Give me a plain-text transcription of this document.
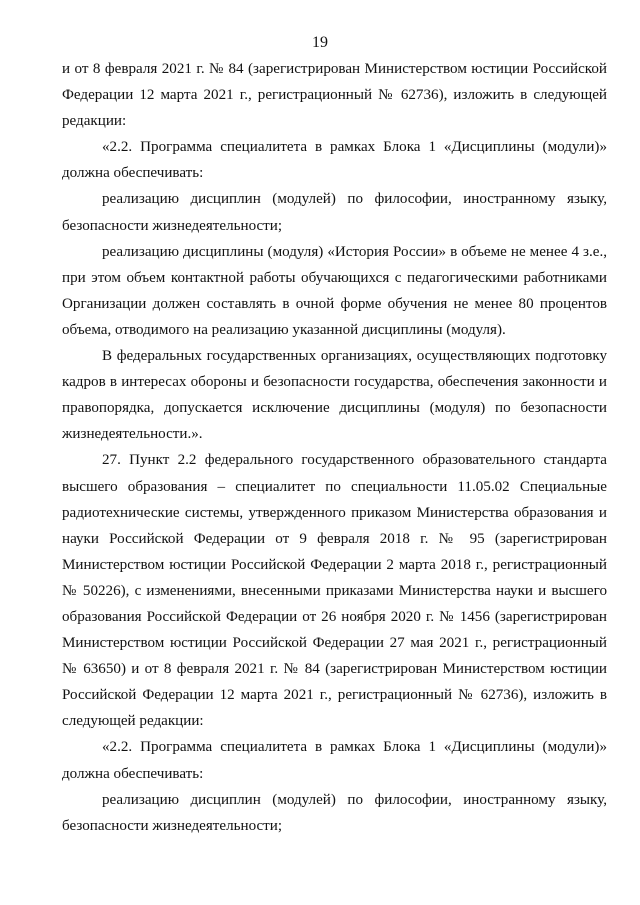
19

и от 8 февраля 2021 г. № 84 (зарегистрирован Министерством юстиции Российской Федерации 12 марта 2021 г., регистрационный № 62736), изложить в следующей редакции:

«2.2. Программа специалитета в рамках Блока 1 «Дисциплины (модули)» должна обеспечивать:

реализацию дисциплин (модулей) по философии, иностранному языку, безопасности жизнедеятельности;

реализацию дисциплины (модуля) «История России» в объеме не менее 4 з.е., при этом объем контактной работы обучающихся с педагогическими работниками Организации должен составлять в очной форме обучения не менее 80 процентов объема, отводимого на реализацию указанной дисциплины (модуля).

В федеральных государственных организациях, осуществляющих подготовку кадров в интересах обороны и безопасности государства, обеспечения законности и правопорядка, допускается исключение дисциплины (модуля) по безопасности жизнедеятельности.».

27. Пункт 2.2 федерального государственного образовательного стандарта высшего образования – специалитет по специальности 11.05.02 Специальные радиотехнические системы, утвержденного приказом Министерства образования и науки Российской Федерации от 9 февраля 2018 г. № 95 (зарегистрирован Министерством юстиции Российской Федерации 2 марта 2018 г., регистрационный № 50226), с изменениями, внесенными приказами Министерства науки и высшего образования Российской Федерации от 26 ноября 2020 г. № 1456 (зарегистрирован Министерством юстиции Российской Федерации 27 мая 2021 г., регистрационный № 63650) и от 8 февраля 2021 г. № 84 (зарегистрирован Министерством юстиции Российской Федерации 12 марта 2021 г., регистрационный № 62736), изложить в следующей редакции:

«2.2. Программа специалитета в рамках Блока 1 «Дисциплины (модули)» должна обеспечивать:

реализацию дисциплин (модулей) по философии, иностранному языку, безопасности жизнедеятельности;
